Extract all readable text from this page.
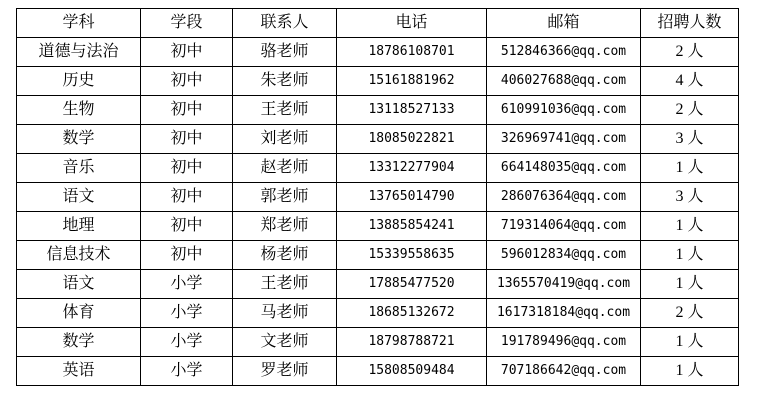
学科	学段	联系人	电话	邮箱	招聘人数
道德与法治	初中	骆老师	18786108701	512846366@qq.com	2 人
历史	初中	朱老师	15161881962	406027688@qq.com	4 人
生物	初中	王老师	13118527133	610991036@qq.com	2 人
数学	初中	刘老师	18085022821	326969741@qq.com	3 人
音乐	初中	赵老师	13312277904	664148035@qq.com	1 人
语文	初中	郭老师	13765014790	286076364@qq.com	3 人
地理	初中	郑老师	13885854241	719314064@qq.com	1 人
信息技术	初中	杨老师	15339558635	596012834@qq.com	1 人
语文	小学	王老师	17885477520	1365570419@qq.com	1 人
体育	小学	马老师	18685132672	1617318184@qq.com	2 人
数学	小学	文老师	18798788721	191789496@qq.com	1 人
英语	小学	罗老师	15808509484	707186642@qq.com	1 人
